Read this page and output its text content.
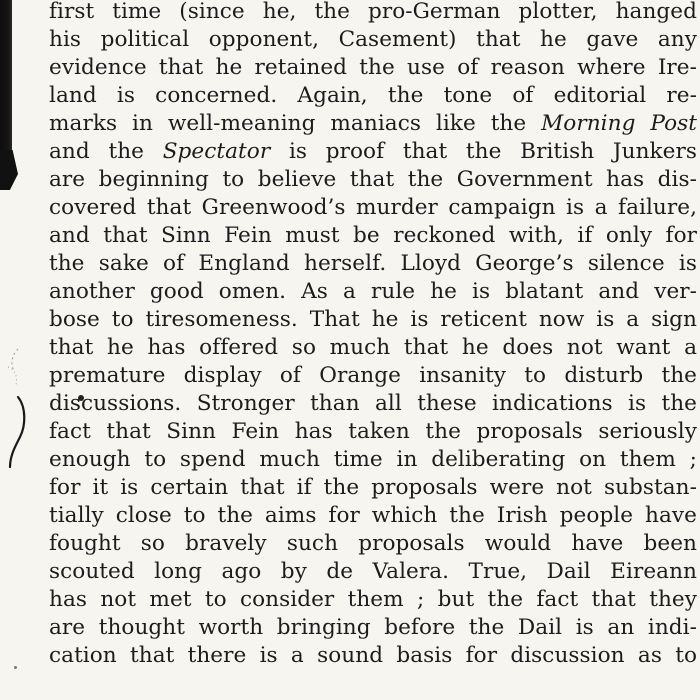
first time (since he, the pro-German plotter, hanged
his political opponent, Casement) that he gave any
evidence that he retained the use of reason where Ire-
land is concerned. Again, the tone of editorial re-
marks in well-meaning maniacs like the Morning Post
and the Spectator is proof that the British Junkers
are beginning to believe that the Government has dis-
covered that Greenwood’s murder campaign is a failure,
and that Sinn Fein must be reckoned with, if only for
the sake of England herself. Lloyd George’s silence is
another good omen. As a rule he is blatant and ver-
bose to tiresomeness. That he is reticent now is a sign
that he has offered so much that he does not want a
premature display of Orange insanity to disturb the
discussions. Stronger than all these indications is the
fact that Sinn Fein has taken the proposals seriously
enough to spend much time in deliberating on them ;
for it is certain that if the proposals were not substan-
tially close to the aims for which the Irish people have
fought so bravely such proposals would have been
scouted long ago by de Valera. True, Dail Eireann
has not met to consider them ; but the fact that they
are thought worth bringing before the Dail is an indi-
cation that there is a sound basis for discussion as to
